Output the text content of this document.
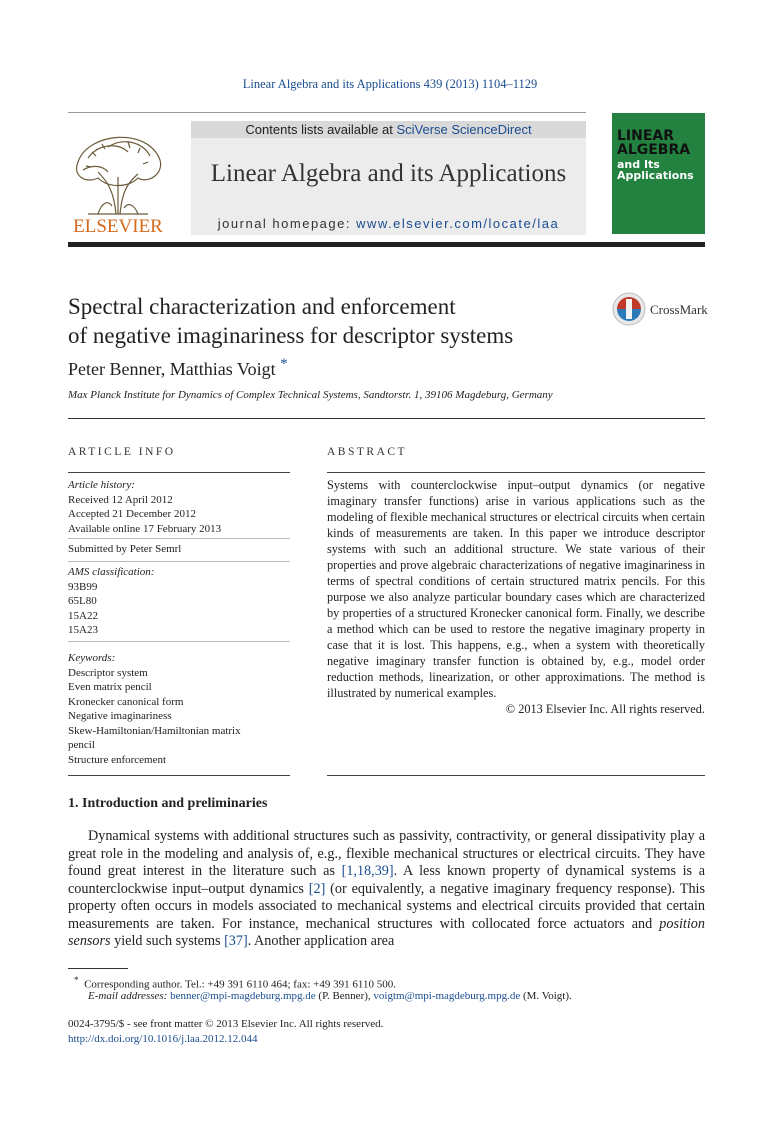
Linear Algebra and its Applications 439 (2013) 1104–1129
ELSEVIER
Contents lists available at SciVerse ScienceDirect
Linear Algebra and its Applications
journal homepage: www.elsevier.com/locate/laa
LINEAR
ALGEBRA
and Its
Applications
Spectral characterization and enforcement
of negative imaginariness for descriptor systems
CrossMark
Peter Benner, Matthias Voigt *
Max Planck Institute for Dynamics of Complex Technical Systems, Sandtorstr. 1, 39106 Magdeburg, Germany
ARTICLE INFO
Article history:
Received 12 April 2012
Accepted 21 December 2012
Available online 17 February 2013
Submitted by Peter Semrl
AMS classification:
93B99
65L80
15A22
15A23
Keywords:
Descriptor system
Even matrix pencil
Kronecker canonical form
Negative imaginariness
Skew-Hamiltonian/Hamiltonian matrix
pencil
Structure enforcement
ABSTRACT
Systems with counterclockwise input–output dynamics (or negative imaginary transfer functions) arise in various applications such as the modeling of flexible mechanical structures or electrical circuits when certain kinds of measurements are taken. In this paper we introduce descriptor systems with such an additional structure. We state various of their properties and prove algebraic characterizations of negative imaginariness in terms of spectral conditions of certain structured matrix pencils. For this purpose we also analyze particular boundary cases which are characterized by properties of a structured Kronecker canonical form. Finally, we describe a method which can be used to restore the negative imaginary property in case that it is lost. This happens, e.g., when a system with theoretically negative imaginary transfer function is obtained by, e.g., model order reduction methods, linearization, or other approximations. The method is illustrated by numerical examples.
© 2013 Elsevier Inc. All rights reserved.
1. Introduction and preliminaries
Dynamical systems with additional structures such as passivity, contractivity, or general dissipativity play a great role in the modeling and analysis of, e.g., flexible mechanical structures or electrical circuits. They have found great interest in the literature such as [1,18,39]. A less known property of dynamical systems is a counterclockwise input–output dynamics [2] (or equivalently, a negative imaginary frequency response). This property often occurs in models associated to mechanical systems and electrical circuits provided that certain measurements are taken. For instance, mechanical structures with collocated force actuators and position sensors yield such systems [37]. Another application area
* Corresponding author. Tel.: +49 391 6110 464; fax: +49 391 6110 500.
E-mail addresses: benner@mpi-magdeburg.mpg.de (P. Benner), voigtm@mpi-magdeburg.mpg.de (M. Voigt).
0024-3795/$ - see front matter © 2013 Elsevier Inc. All rights reserved.
http://dx.doi.org/10.1016/j.laa.2012.12.044
